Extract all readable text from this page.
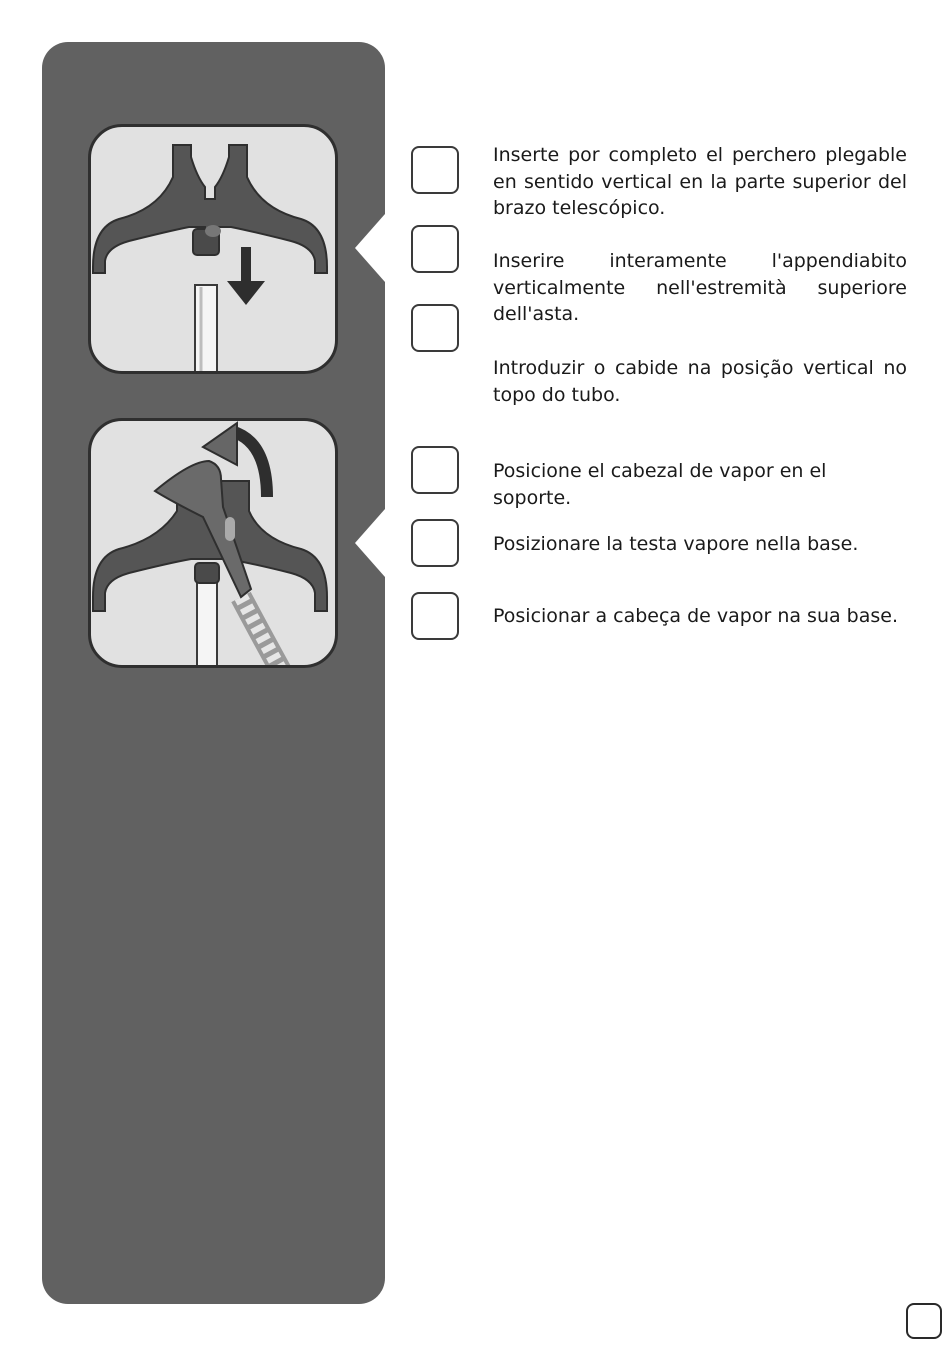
Inserte por completo el perchero plegable en sentido vertical en la parte superior del brazo telescópico.
Inserire interamente l'appendiabito verticalmente nell'estremità superiore dell'asta.
Introduzir o cabide na posição vertical no topo do tubo.
Posicione el cabezal de vapor en el soporte.
Posizionare la testa vapore nella base.
Posicionar a cabeça de vapor na sua base.
